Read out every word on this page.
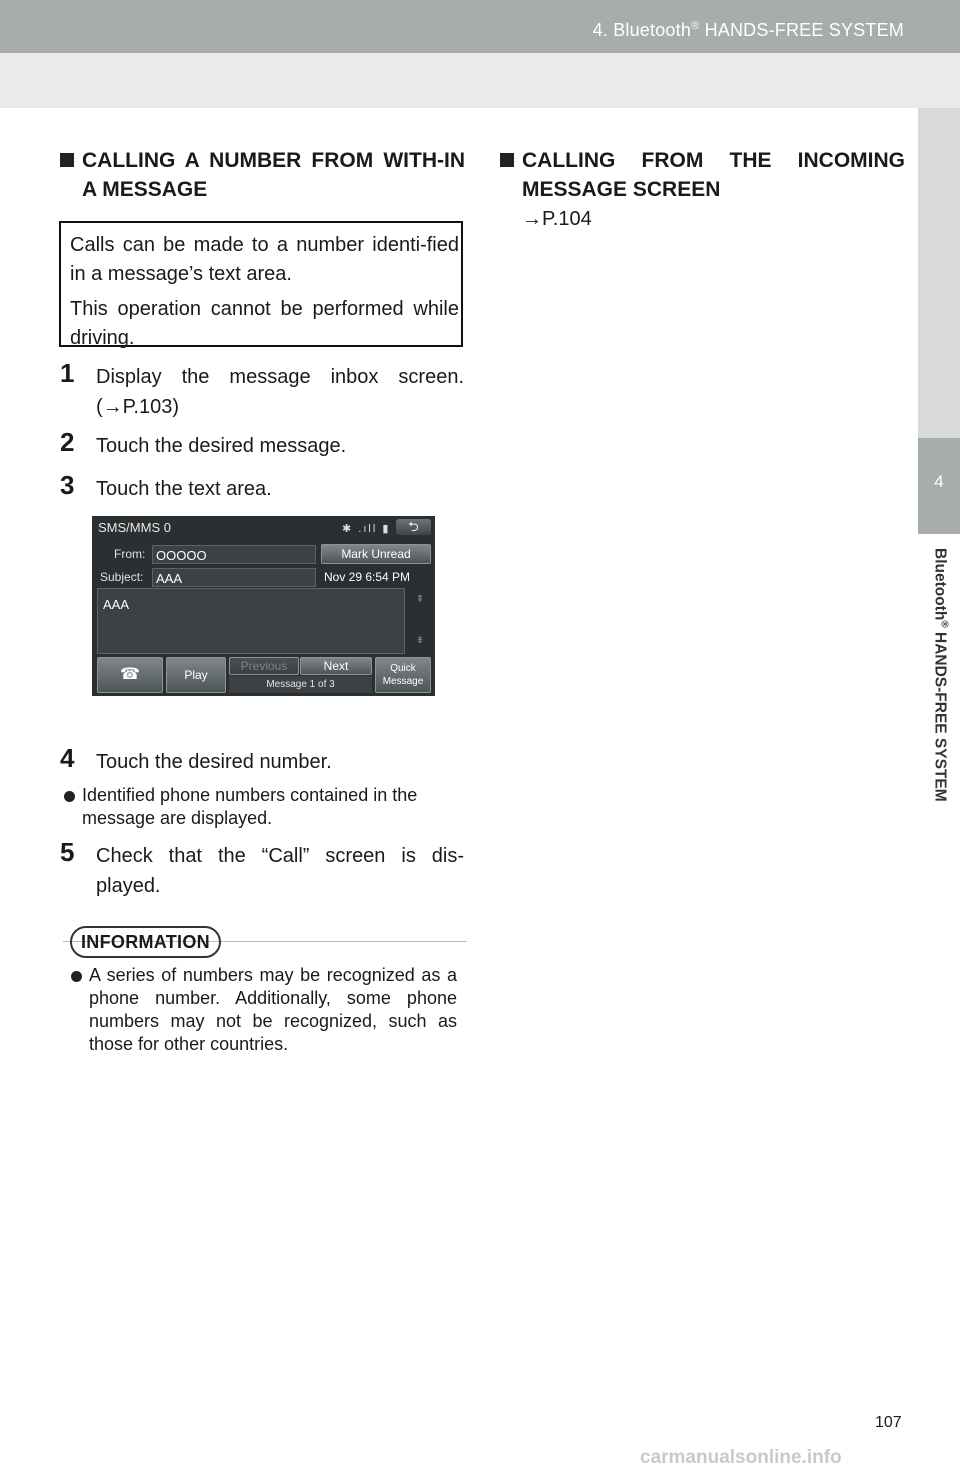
4. Bluetooth® HANDS-FREE SYSTEM
4
Bluetooth® HANDS-FREE SYSTEM
CALLING A NUMBER FROM WITH-IN A MESSAGE

Calls can be made to a number identi-fied in a message’s text area.

This operation cannot be performed while driving.

1 Display the message inbox screen.
(→P.103)
2 Touch the desired message.
3 Touch the text area.
SMS/MMS 0	✱ .ıll ▮	⮌
From: OOOOO	Mark Unread
Subject: AAA	Nov 29 6:54 PM
AAA	⇞
⇟
☎	Play
Previous	Next
Message 1 of 3
Quick
Message
4 Touch the desired number.
Identified phone numbers contained in the message are displayed.
5 Check that the “Call” screen is dis-
played.
INFORMATION
A series of numbers may be recognized as a phone number. Additionally, some phone numbers may not be recognized, such as those for other countries.
CALLING FROM THE INCOMING MESSAGE SCREEN
→P.104
107
carmanualsonline.info
